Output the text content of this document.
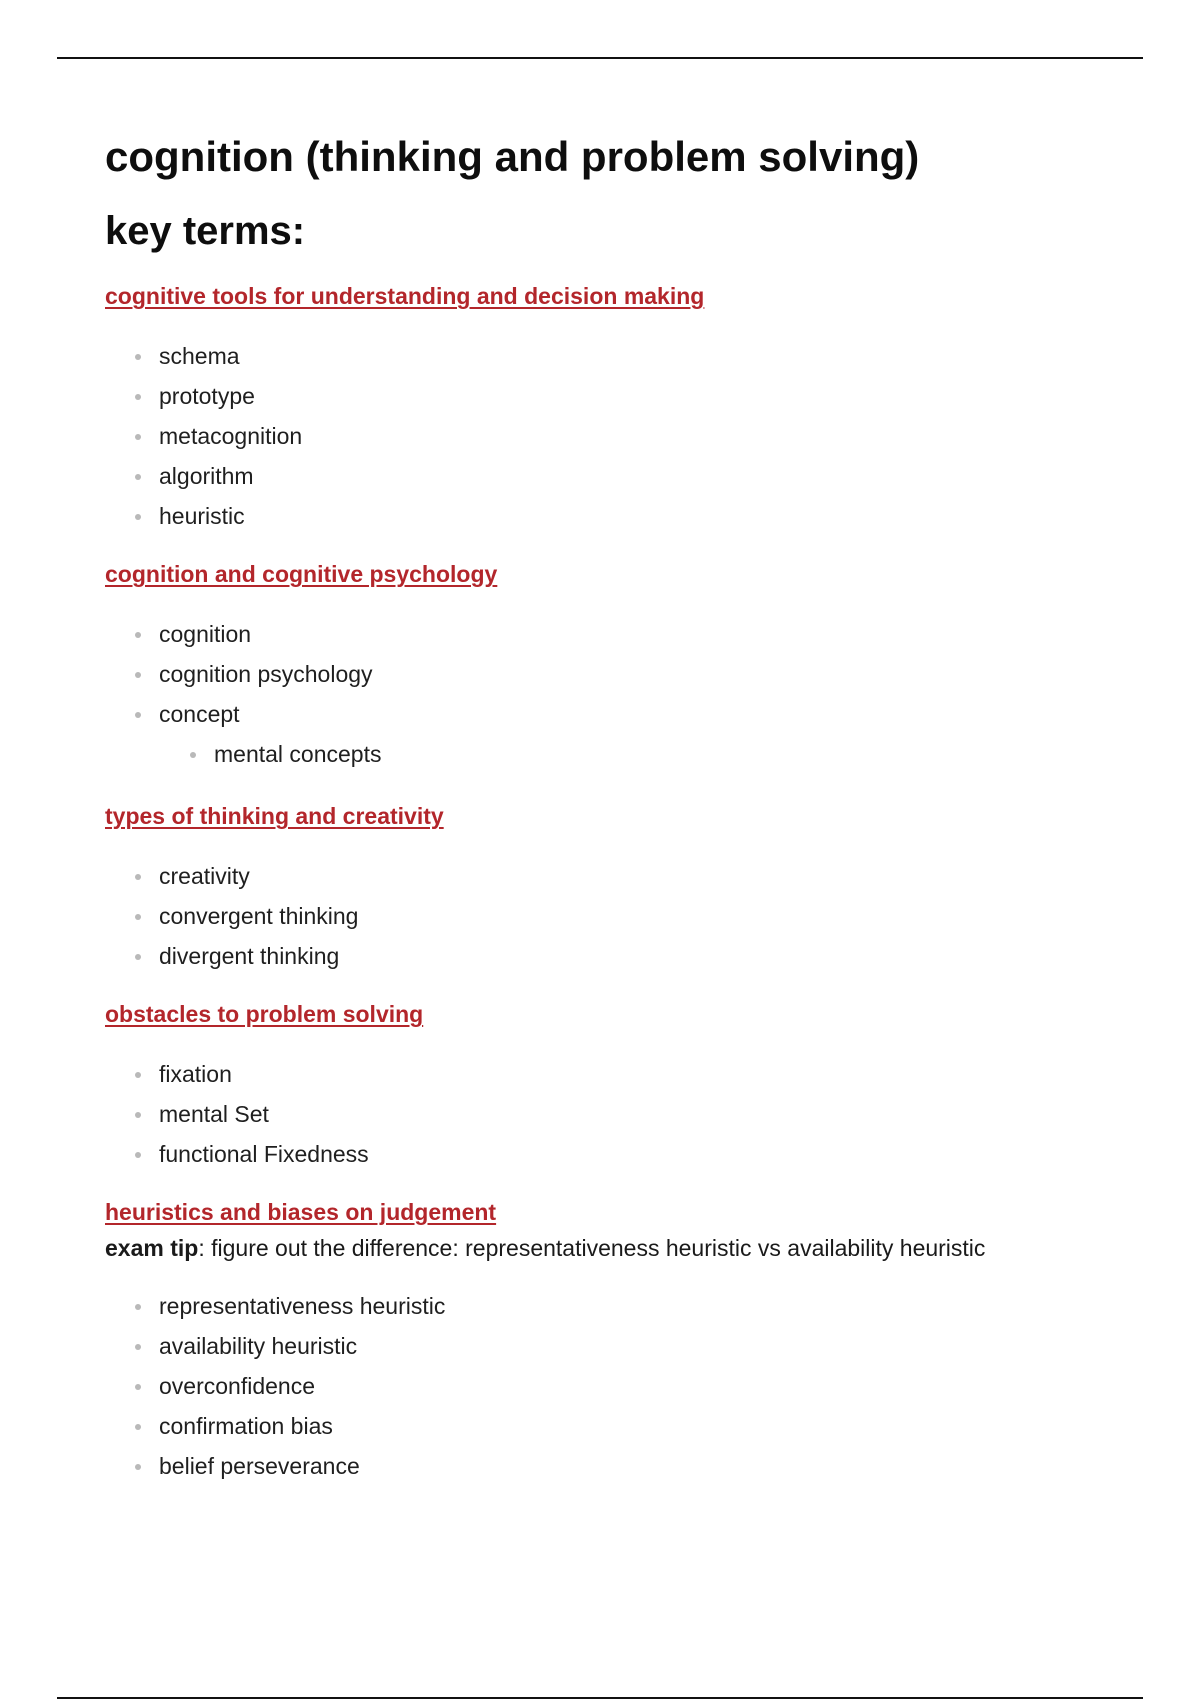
cognition (thinking and problem solving)
key terms:
cognitive tools for understanding and decision making
schema
prototype
metacognition
algorithm
heuristic
cognition and cognitive psychology
cognition
cognition psychology
concept
mental concepts
types of thinking and creativity
creativity
convergent thinking
divergent thinking
obstacles to problem solving
fixation
mental Set
functional Fixedness
heuristics and biases on judgement
exam tip: figure out the difference: representativeness heuristic vs availability heuristic
representativeness heuristic
availability heuristic
overconfidence
confirmation bias
belief perseverance
